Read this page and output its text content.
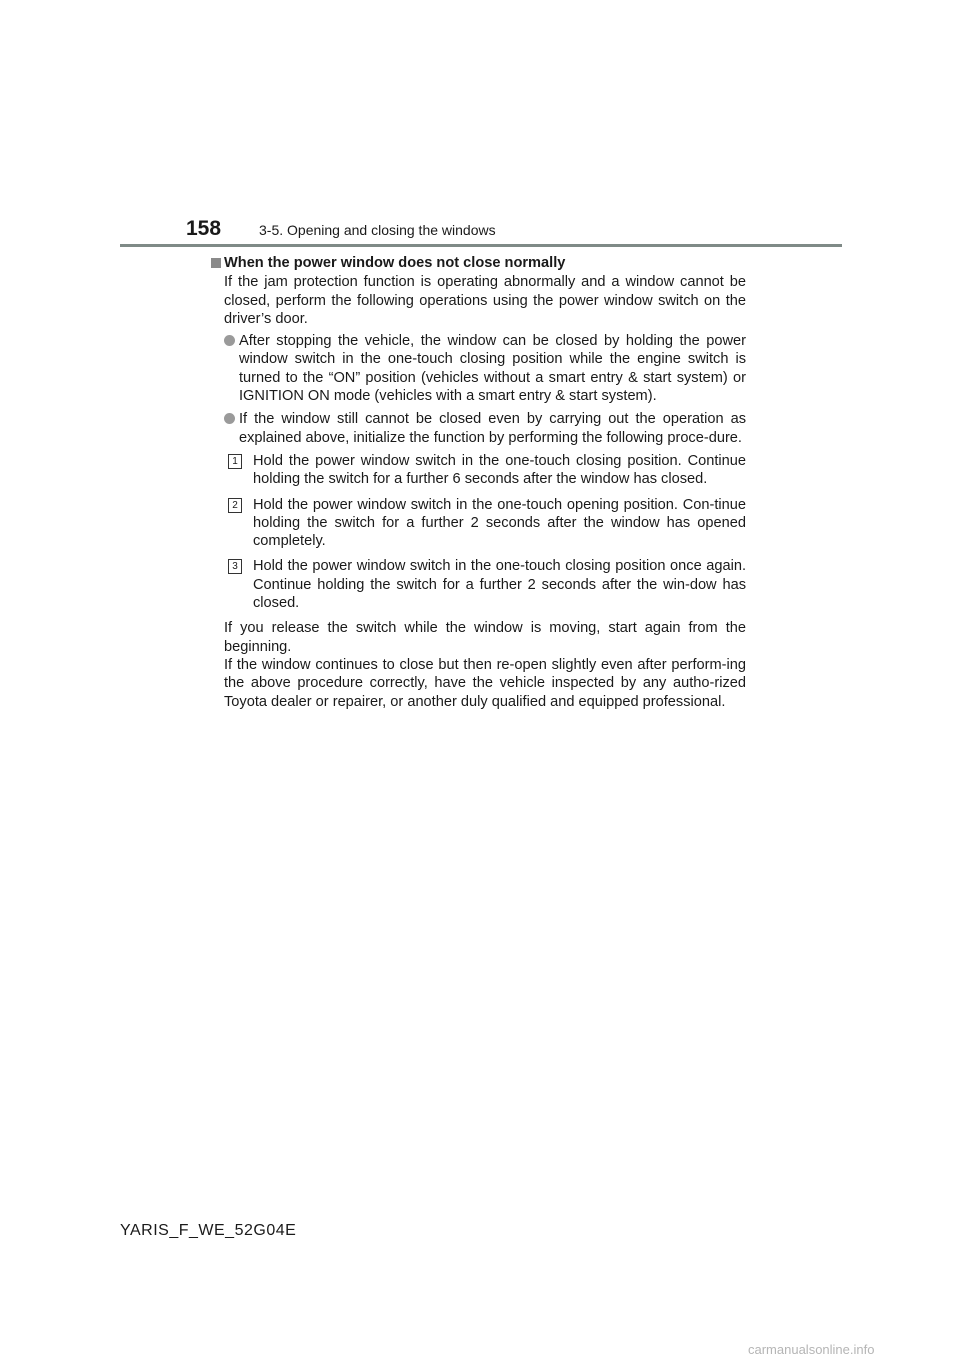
158	3-5. Opening and closing the windows
When the power window does not close normally

If the jam protection function is operating abnormally and a window cannot be closed, perform the following operations using the power window switch on the driver’s door.

After stopping the vehicle, the window can be closed by holding the power window switch in the one-touch closing position while the engine switch is turned to the “ON” position (vehicles without a smart entry & start system) or IGNITION ON mode (vehicles with a smart entry & start system).
If the window still cannot be closed even by carrying out the operation as explained above, initialize the function by performing the following proce-dure.
1 Hold the power window switch in the one-touch closing position. Continue holding the switch for a further 6 seconds after the window has closed.
2 Hold the power window switch in the one-touch opening position. Con-tinue holding the switch for a further 2 seconds after the window has opened completely.
3 Hold the power window switch in the one-touch closing position once again. Continue holding the switch for a further 2 seconds after the win-dow has closed.

If you release the switch while the window is moving, start again from the beginning.

If the window continues to close but then re-open slightly even after perform-ing the above procedure correctly, have the vehicle inspected by any autho-rized Toyota dealer or repairer, or another duly qualified and equipped professional.

YARIS_F_WE_52G04E
carmanualsonline.info
